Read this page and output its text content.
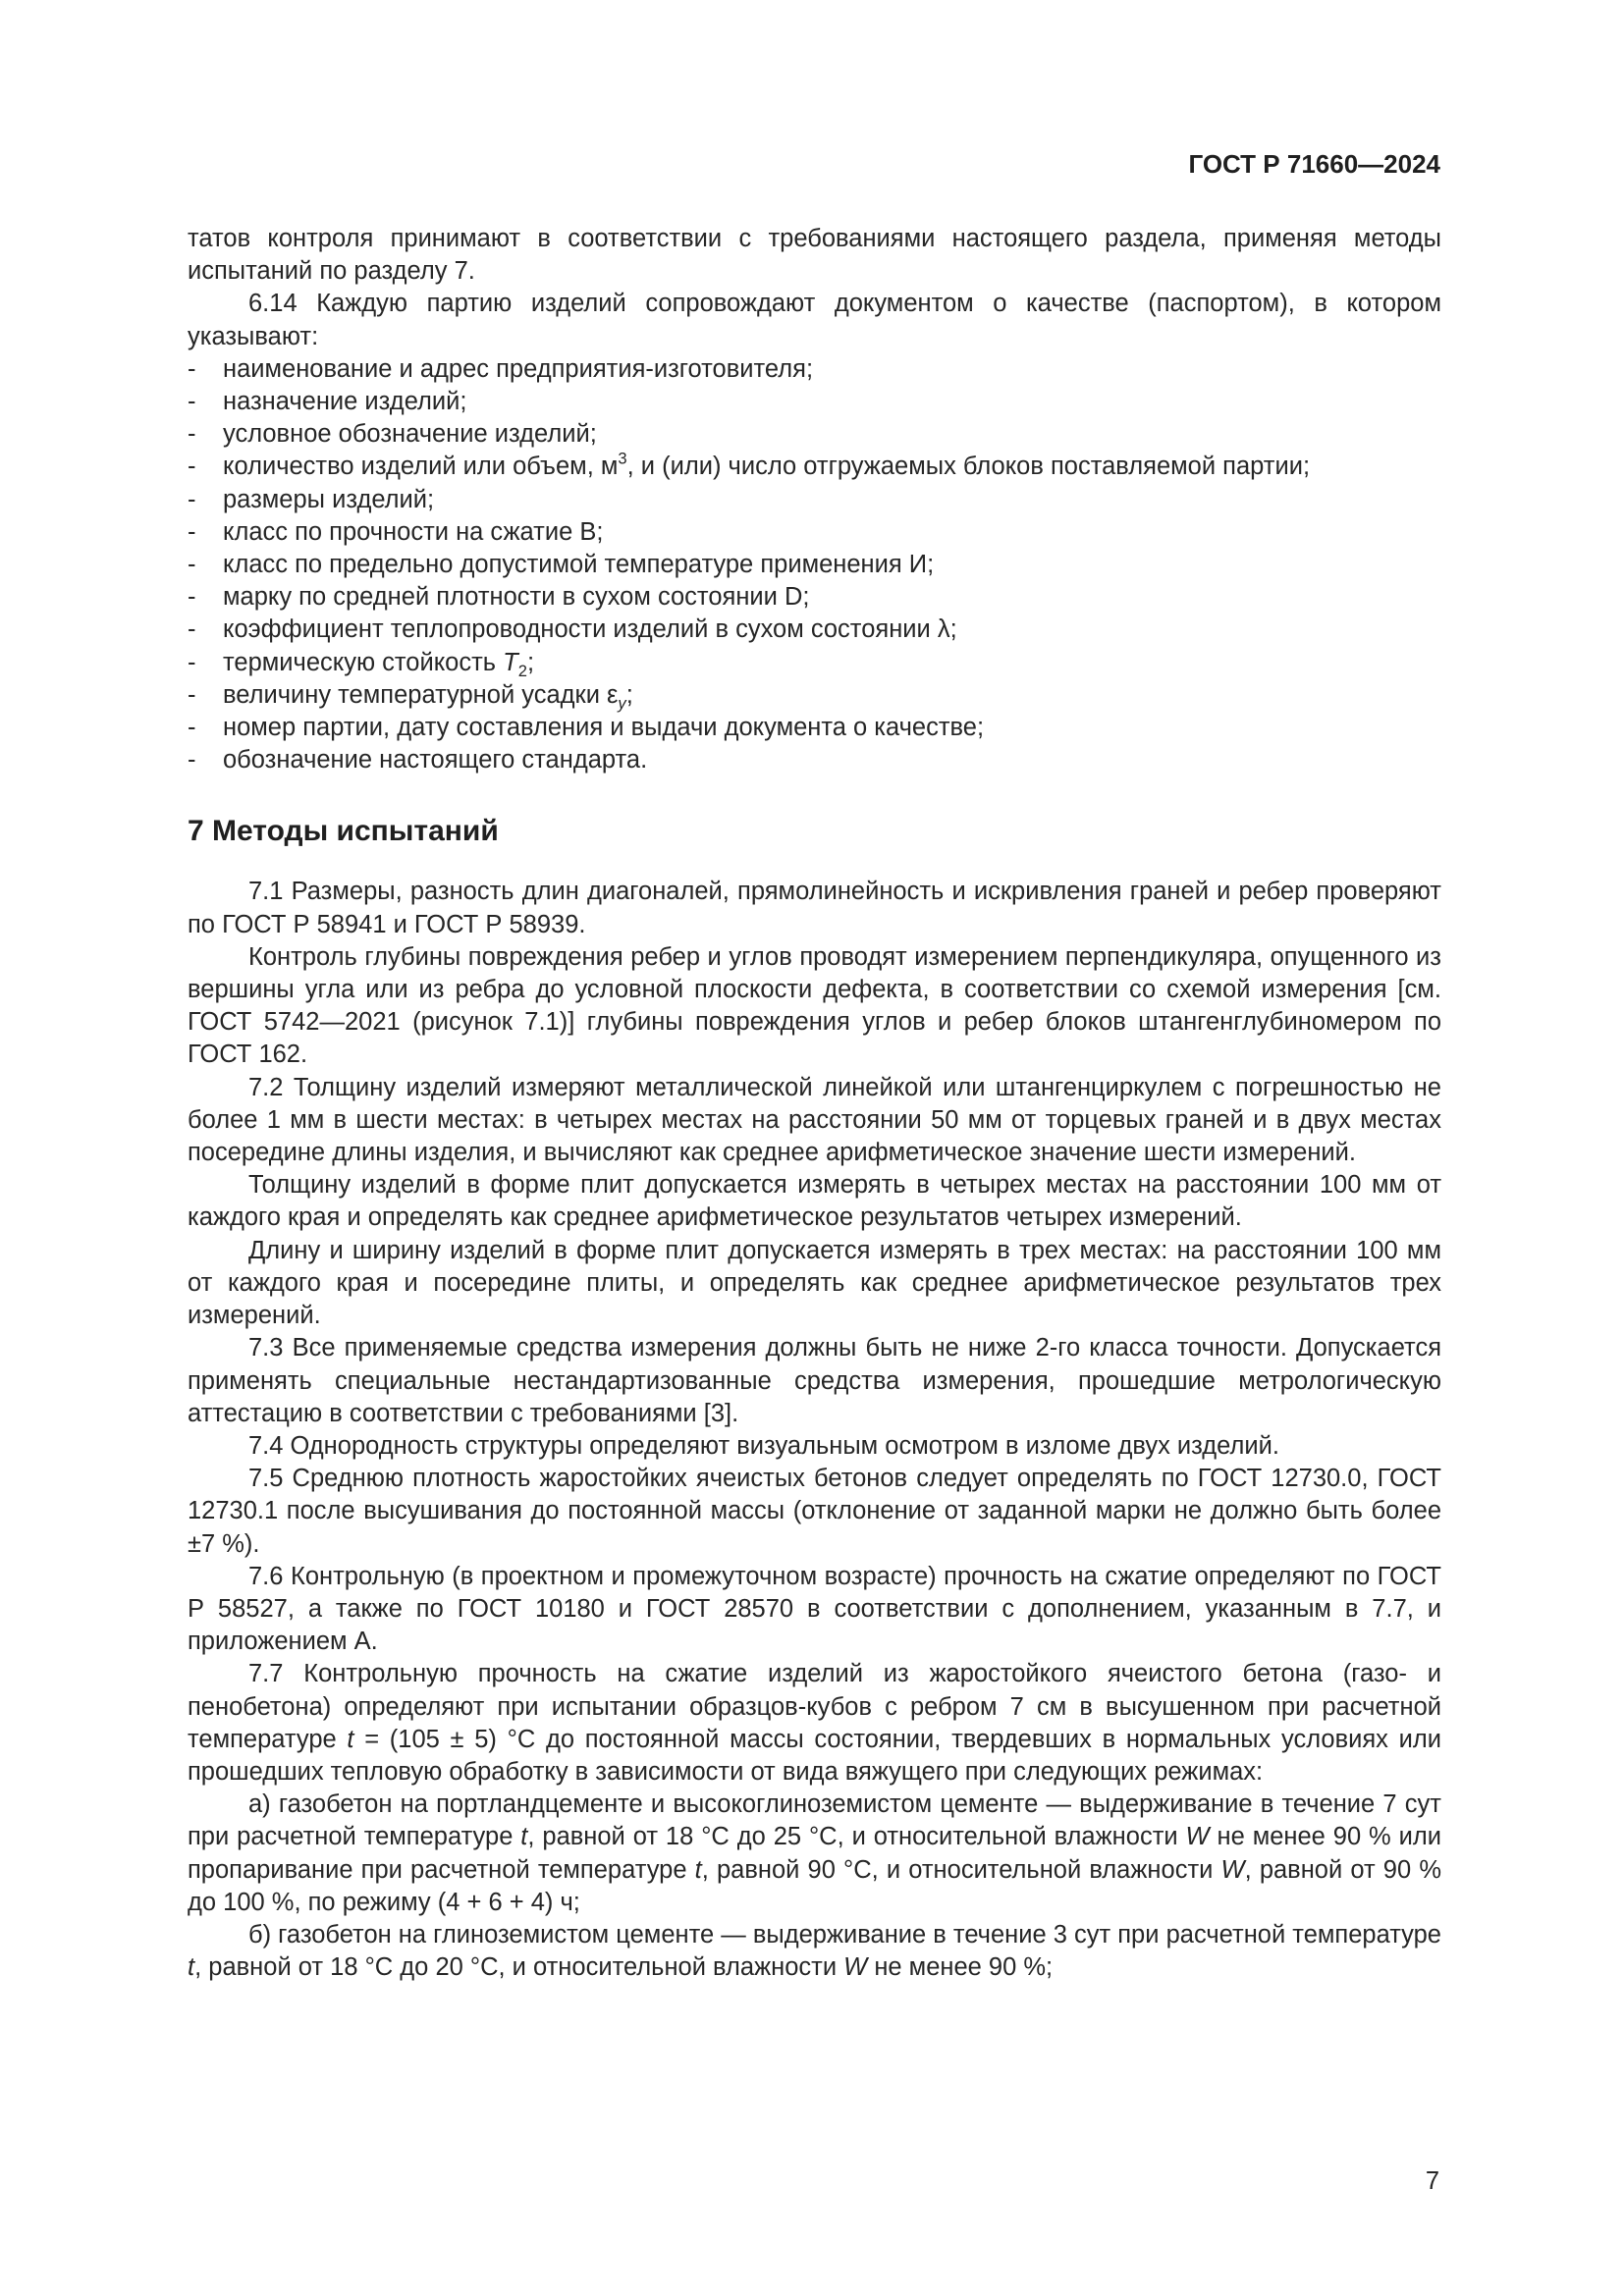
ГОСТ Р 71660—2024

татов контроля принимают в соответствии с требованиями настоящего раздела, применяя методы испытаний по разделу 7.

6.14 Каждую партию изделий сопровождают документом о качестве (паспортом), в котором указывают:

-	наименование и адрес предприятия-изготовителя;
-	назначение изделий;
-	условное обозначение изделий;
-	количество изделий или объем, $м^3$, и (или) число отгружаемых блоков поставляемой партии;
-	размеры изделий;
-	класс по прочности на сжатие В;
-	класс по предельно допустимой температуре применения И;
-	марку по средней плотности в сухом состоянии D;
-	коэффициент теплопроводности изделий в сухом состоянии λ;
-	термическую стойкость $T_2$;
-	величину температурной усадки $\varepsilon_y$;
-	номер партии, дату составления и выдачи документа о качестве;
-	обозначение настоящего стандарта.
7 Методы испытаний

7.1 Размеры, разность длин диагоналей, прямолинейность и искривления граней и ребер проверяют по ГОСТ Р 58941 и ГОСТ Р 58939.

Контроль глубины повреждения ребер и углов проводят измерением перпендикуляра, опущенного из вершины угла или из ребра до условной плоскости дефекта, в соответствии со схемой измерения [см. ГОСТ 5742—2021 (рисунок 7.1)] глубины повреждения углов и ребер блоков штангенглубиномером по ГОСТ 162.

7.2 Толщину изделий измеряют металлической линейкой или штангенциркулем с погрешностью не более 1 мм в шести местах: в четырех местах на расстоянии 50 мм от торцевых граней и в двух местах посередине длины изделия, и вычисляют как среднее арифметическое значение шести измерений.

Толщину изделий в форме плит допускается измерять в четырех местах на расстоянии 100 мм от каждого края и определять как среднее арифметическое результатов четырех измерений.

Длину и ширину изделий в форме плит допускается измерять в трех местах: на расстоянии 100 мм от каждого края и посередине плиты, и определять как среднее арифметическое результатов трех измерений.

7.3 Все применяемые средства измерения должны быть не ниже 2-го класса точности. Допускается применять специальные нестандартизованные средства измерения, прошедшие метрологическую аттестацию в соответствии с требованиями [3].

7.4 Однородность структуры определяют визуальным осмотром в изломе двух изделий.

7.5 Среднюю плотность жаростойких ячеистых бетонов следует определять по ГОСТ 12730.0, ГОСТ 12730.1 после высушивания до постоянной массы (отклонение от заданной марки не должно быть более ±7 %).

7.6 Контрольную (в проектном и промежуточном возрасте) прочность на сжатие определяют по ГОСТ Р 58527, а также по ГОСТ 10180 и ГОСТ 28570 в соответствии с дополнением, указанным в 7.7, и приложением А.

7.7 Контрольную прочность на сжатие изделий из жаростойкого ячеистого бетона (газо- и пенобетона) определяют при испытании образцов-кубов с ребром 7 см в высушенном при расчетной температуре t = (105 ± 5) °С до постоянной массы состоянии, твердевших в нормальных условиях или прошедших тепловую обработку в зависимости от вида вяжущего при следующих режимах:

а) газобетон на портландцементе и высокоглиноземистом цементе — выдерживание в течение 7 сут при расчетной температуре t, равной от 18 °С до 25 °С, и относительной влажности W не менее 90 % или пропаривание при расчетной температуре t, равной 90 °С, и относительной влажности W, равной от 90 % до 100 %, по режиму (4 + 6 + 4) ч;

б) газобетон на глиноземистом цементе — выдерживание в течение 3 сут при расчетной температуре t, равной от 18 °С до 20 °С, и относительной влажности W не менее 90 %;

7
